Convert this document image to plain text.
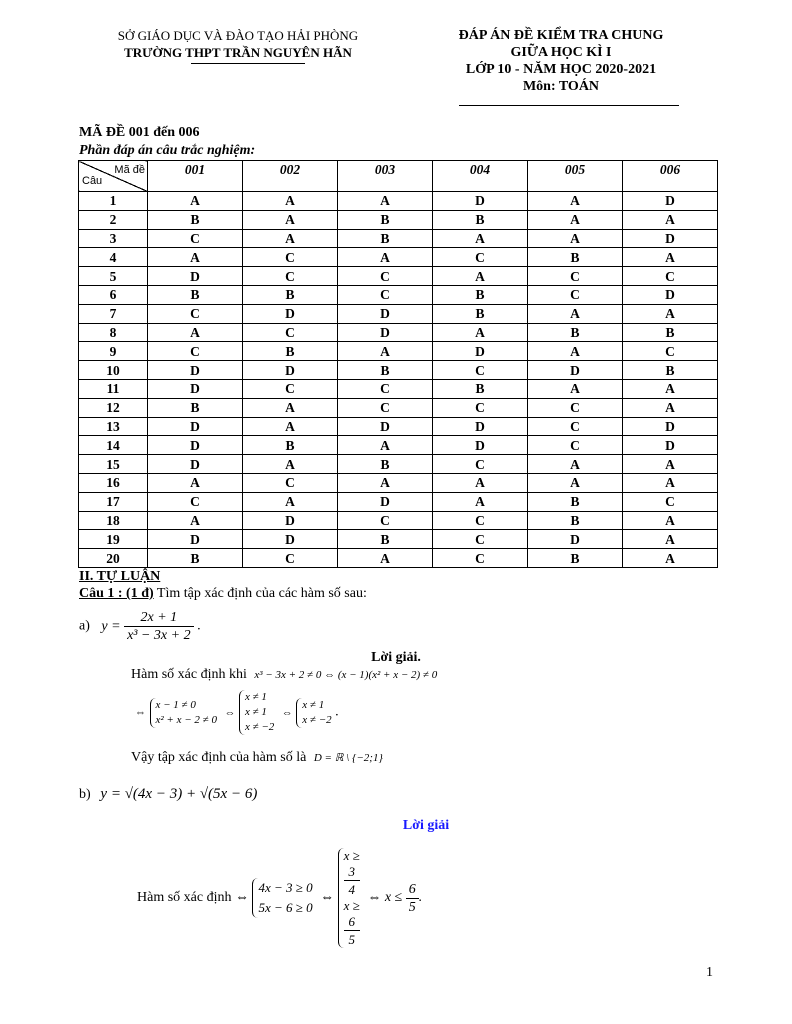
SỞ GIÁO DỤC VÀ ĐÀO TẠO HẢI PHÒNG
TRƯỜNG THPT TRẦN NGUYÊN HÃN
ĐÁP ÁN ĐỀ KIỂM TRA CHUNG
GIỮA HỌC KÌ I
LỚP 10 - NĂM HỌC 2020-2021
Môn: TOÁN
MÃ ĐỀ 001 đến 006
Phần đáp án câu trắc nghiệm:
Mã đề
Câu	001	002	003	004	005	006
1	A	A	A	D	A	D
2	B	A	B	B	A	A
3	C	A	B	A	A	D
4	A	C	A	C	B	A
5	D	C	C	A	C	C
6	B	B	C	B	C	D
7	C	D	D	B	A	A
8	A	C	D	A	B	B
9	C	B	A	D	A	C
10	D	D	B	C	D	B
11	D	C	C	B	A	A
12	B	A	C	C	C	A
13	D	A	D	D	C	D
14	D	B	A	D	C	D
15	D	A	B	C	A	A
16	A	C	A	A	A	A
17	C	A	D	A	B	C
18	A	D	C	C	B	A
19	D	D	B	C	D	A
20	B	C	A	C	B	A
II. TỰ LUẬN
Câu 1 : (1 đ) Tìm tập xác định của các hàm số sau:
a) $y = \frac{2x + 1}{\text{x³ − 3x + 2}}$ .
Lời giải.
Hàm số xác định khi x³ − 3x + 2 ≠ 0 ⇔ (x − 1)(x² + x − 2) ≠ 0
⇔
x − 1 ≠ 0
x² + x − 2 ≠ 0
⇔
x ≠ 1
x ≠ 1
x ≠ −2
⇔
x ≠ 1
x ≠ −2 .
Vậy tập xác định của hàm số là D = ℝ \ {−2;1}
b) y = √(4x − 3) + √(5x − 6)
Lời giải
Hàm số xác định ⇔
4x − 3 ≥ 0
5x − 6 ≥ 0
⇔
x ≥
3
4
x ≥
6
5
⇔ $x \le \frac{6}{5}$ .
1
